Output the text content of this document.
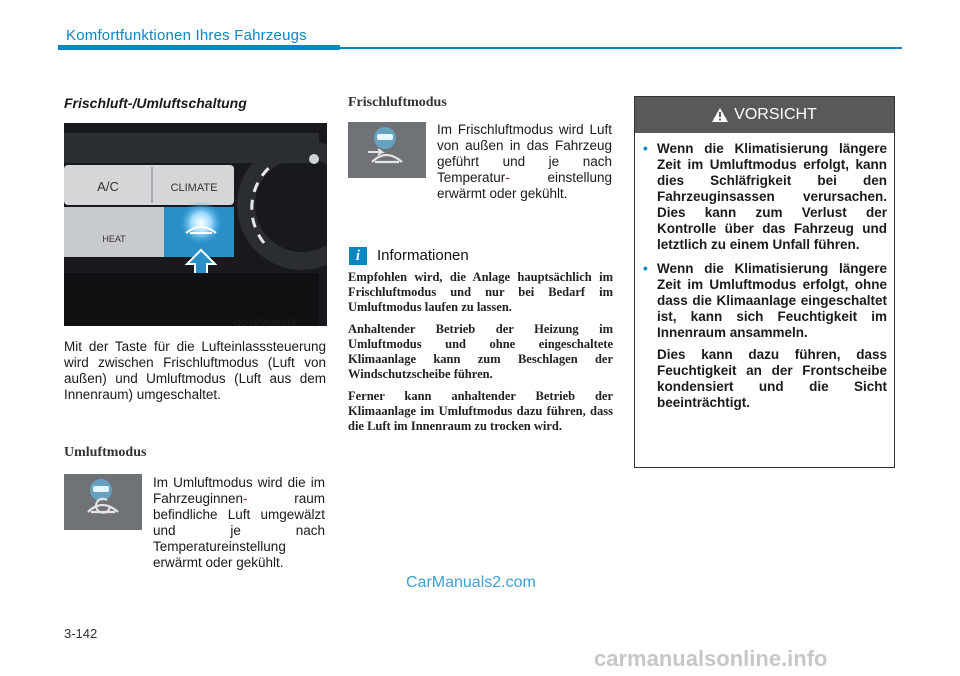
Komfortfunktionen Ihres Fahrzeugs
Frischluft-/Umluftschaltung
A/C	CLIMATE
HEAT
OOSEV048315
Mit der Taste für die Lufteinlasssteuerung wird zwischen Frischluftmodus (Luft von außen) und Umluftmodus (Luft aus dem Innenraum) umgeschaltet.
Umluftmodus
Im Umluftmodus wird die im Fahrzeuginnen-	raum befindliche Luft umgewälzt und je nach Temperatureinstellung erwärmt oder gekühlt.
Frischluftmodus
Im Frischluftmodus wird Luft von außen in das Fahrzeug geführt und je nach Temperatur-	einstellung erwärmt oder gekühlt.
i	Informationen

Empfohlen wird, die Anlage hauptsächlich im Frischluftmodus und nur bei Bedarf im Umluftmodus laufen zu lassen.

Anhaltender Betrieb der Heizung im Umluftmodus und ohne eingeschaltete Klimaanlage kann zum Beschlagen der Windschutzscheibe führen.

Ferner kann anhaltender Betrieb der Klimaanlage im Umluftmodus dazu führen, dass die Luft im Innenraum zu trocken wird.

VORSICHT
• Wenn die Klimatisierung längere Zeit im Umluftmodus erfolgt, kann dies Schläfrigkeit bei den Fahrzeuginsassen verursachen. Dies kann zum Verlust der Kontrolle über das Fahrzeug und letztlich zu einem Unfall führen.
• Wenn die Klimatisierung längere Zeit im Umluftmodus erfolgt, ohne dass die Klimaanlage eingeschaltet ist, kann sich Feuchtigkeit im Innenraum ansammeln.
Dies kann dazu führen, dass Feuchtigkeit an der Frontscheibe kondensiert und die Sicht beeinträchtigt.
CarManuals2.com
3-142
carmanualsonline.info
